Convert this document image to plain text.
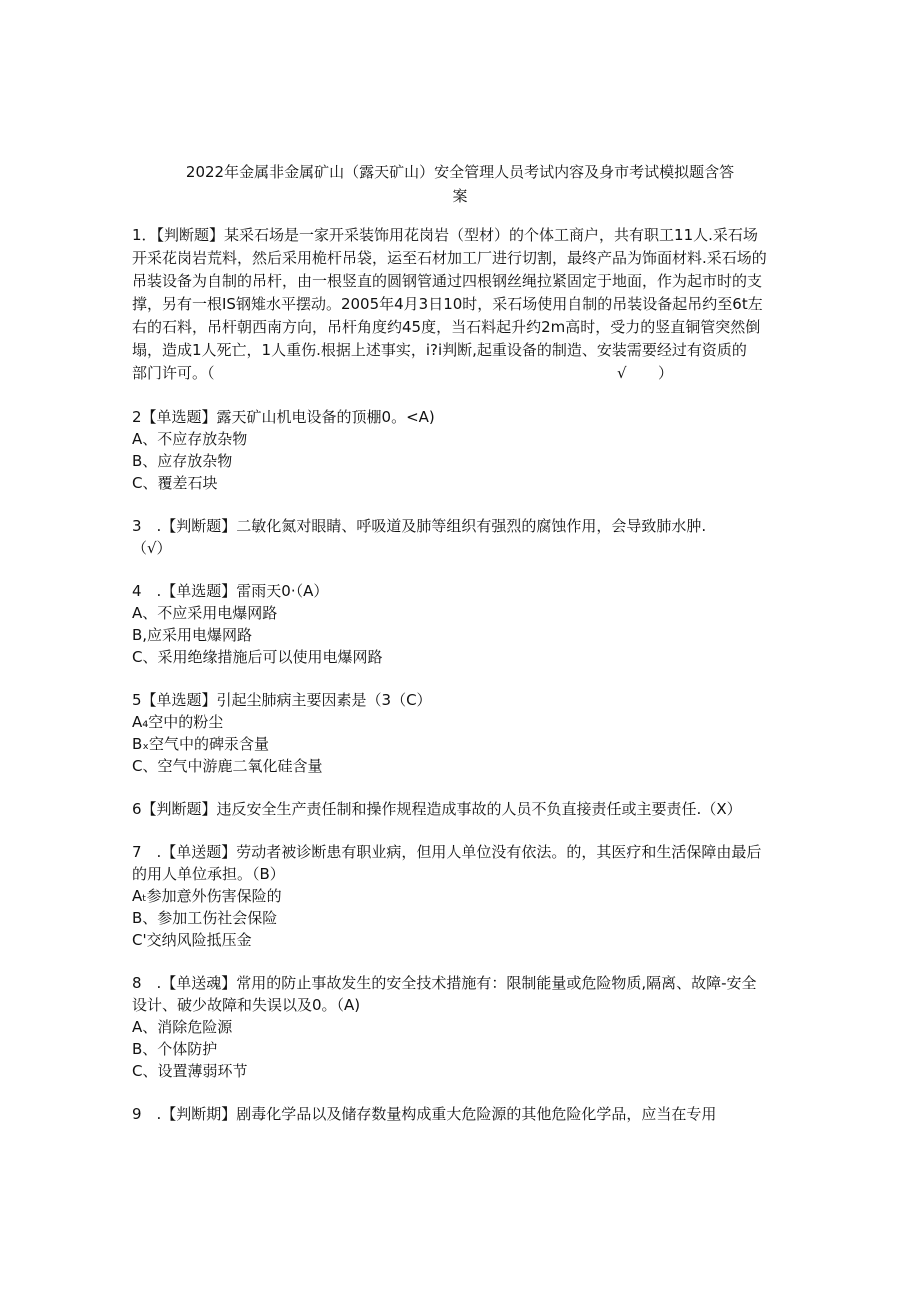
2022年金属非金属矿山（露天矿山）安全管理人员考试内容及身市考试模拟题含答
案
1．【判断题】某采石场是一家开采装饰用花岗岩（型材）的个体工商户，共有职工11人.采石场
开采花岗岩荒料，然后采用桅杆吊袋，运至石材加工厂进行切割，最终产品为饰面材料.采石场的
吊装设备为自制的吊杆，由一根竖直的圆钢管通过四根钢丝绳拉紧固定于地面，作为起市时的支
撑，另有一根IS钢雉水平摆动。2005年4月3日10时，采石场使用自制的吊装设备起吊约至6t左
右的石料，吊杆朝西南方向，吊杆角度约45度，当石料起升约2m高时，受力的竖直铜管突然倒
塌，造成1人死亡，1人重伤.根据上述事实，i?i判断,起重设备的制造、安装需要经过有资质的
部门许可。（	√ ）
2【单选题】露天矿山机电设备的顶棚0。<A)
A、不应存放杂物
B、应存放杂物
C、覆差石块
3　.【判断题】二敏化氮对眼睛、呼吸道及肺等组织有强烈的腐蚀作用，会导致肺水肿.
（√）
4　.【单选题】雷雨天0·（A）
A、不应采用电爆网路
B,应采用电爆网路
C、采用绝缘措施后可以使用电爆网路
5【单选题】引起尘肺病主要因素是（3（C）
A₄空中的粉尘
Bₓ空气中的碑汞含量
C、空气中游鹿二氧化硅含量
6【判断题】违反安全生产责任制和操作规程造成事故的人员不负直接责任或主要责任.（X）
7　.【单送题】劳动者被诊断患有职业病，但用人单位没有依法。的，其医疗和生活保障由最后
的用人单位承担。（B）
Aₜ参加意外伤害保险的
B、参加工伤社会保险
C'交纳风险抵压金
8　.【单送魂】常用的防止事故发生的安全技术措施有：限制能量或危险物质,隔离、故障-安全
设计、破少故障和失误以及0。（A)
A、消除危险源
B、个体防护
C、设置薄弱环节
9　.【判断期】剧毒化学品以及储存数量构成重大危险源的其他危险化学品，应当在专用
